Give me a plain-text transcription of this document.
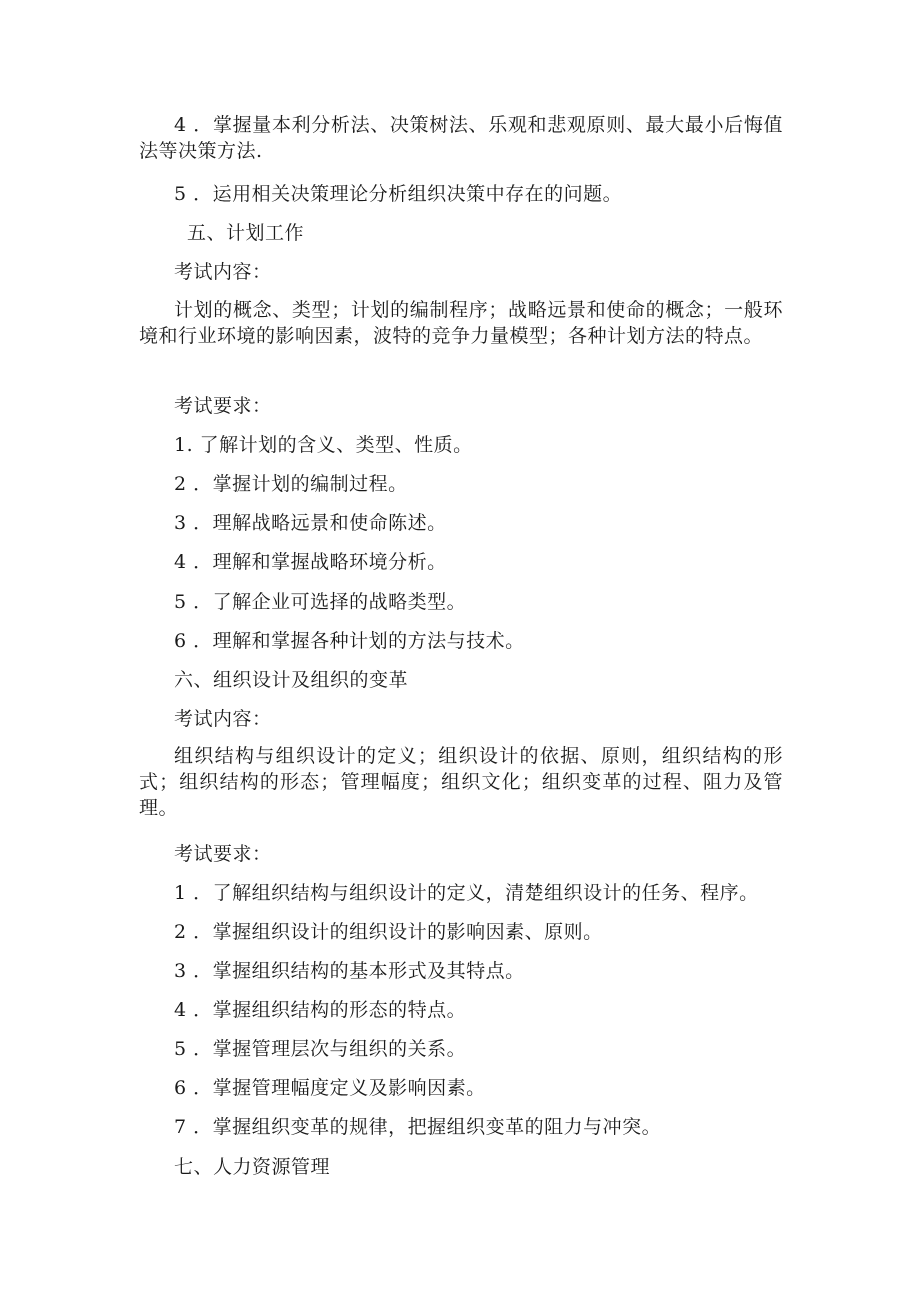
4 ．掌握量本利分析法、决策树法、乐观和悲观原则、最大最小后悔值法等决策方法.
5 ．运用相关决策理论分析组织决策中存在的问题。
五、计划工作
考试内容：
计划的概念、类型；计划的编制程序；战略远景和使命的概念；一般环境和行业环境的影响因素，波特的竞争力量模型；各种计划方法的特点。
考试要求：
1. 了解计划的含义、类型、性质。
2 ．掌握计划的编制过程。
3 ．理解战略远景和使命陈述。
4 ．理解和掌握战略环境分析。
5 ．了解企业可选择的战略类型。
6 ．理解和掌握各种计划的方法与技术。
六、组织设计及组织的变革
考试内容：
组织结构与组织设计的定义；组织设计的依据、原则，组织结构的形式；组织结构的形态；管理幅度；组织文化；组织变革的过程、阻力及管理。
考试要求：
1 ．了解组织结构与组织设计的定义，清楚组织设计的任务、程序。
2 ．掌握组织设计的组织设计的影响因素、原则。
3 ．掌握组织结构的基本形式及其特点。
4 ．掌握组织结构的形态的特点。
5 ．掌握管理层次与组织的关系。
6 ．掌握管理幅度定义及影响因素。
7 ．掌握组织变革的规律，把握组织变革的阻力与冲突。
七、人力资源管理
